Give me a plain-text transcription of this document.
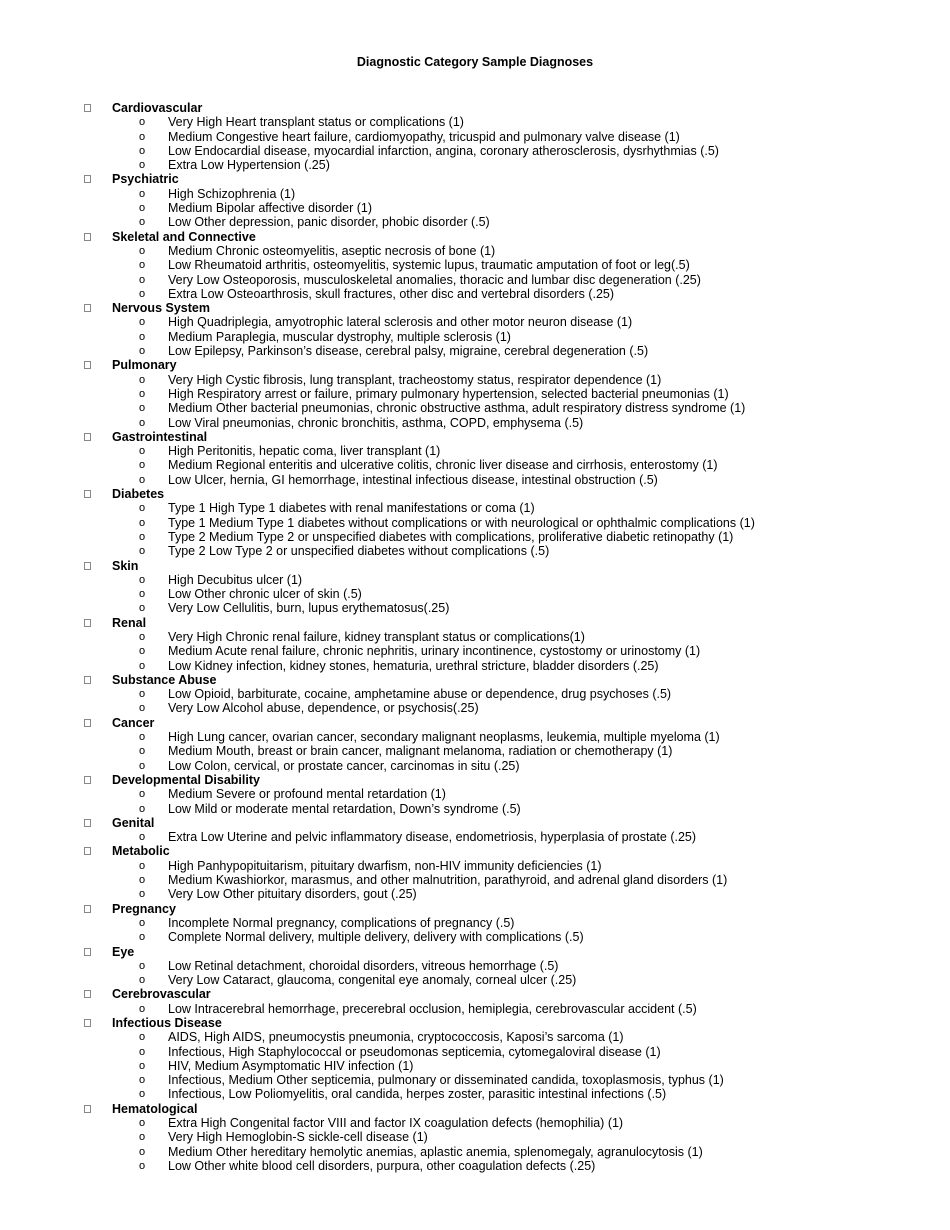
Diagnostic Category Sample Diagnoses
Cardiovascular
o Very High Heart transplant status or complications (1)
o Medium Congestive heart failure, cardiomyopathy, tricuspid and pulmonary valve disease (1)
o Low Endocardial disease, myocardial infarction, angina, coronary atherosclerosis, dysrhythmias (.5)
o Extra Low Hypertension (.25)
Psychiatric
o High Schizophrenia (1)
o Medium Bipolar affective disorder (1)
o Low Other depression, panic disorder, phobic disorder (.5)
Skeletal and Connective
o Medium Chronic osteomyelitis, aseptic necrosis of bone (1)
o Low Rheumatoid arthritis, osteomyelitis, systemic lupus, traumatic amputation of foot or leg(.5)
o Very Low Osteoporosis, musculoskeletal anomalies, thoracic and lumbar disc degeneration (.25)
o Extra Low Osteoarthrosis, skull fractures, other disc and vertebral disorders (.25)
Nervous System
o High Quadriplegia, amyotrophic lateral sclerosis and other motor neuron disease (1)
o Medium Paraplegia, muscular dystrophy, multiple sclerosis (1)
o Low Epilepsy, Parkinson’s disease, cerebral palsy, migraine, cerebral degeneration (.5)
Pulmonary
o Very High Cystic fibrosis, lung transplant, tracheostomy status, respirator dependence (1)
o High Respiratory arrest or failure, primary pulmonary hypertension, selected bacterial pneumonias (1)
o Medium Other bacterial pneumonias, chronic obstructive asthma, adult respiratory distress syndrome (1)
o Low Viral pneumonias, chronic bronchitis, asthma, COPD, emphysema (.5)
Gastrointestinal
o High Peritonitis, hepatic coma, liver transplant (1)
o Medium Regional enteritis and ulcerative colitis, chronic liver disease and cirrhosis, enterostomy (1)
o Low Ulcer, hernia, GI hemorrhage, intestinal infectious disease, intestinal obstruction (.5)
Diabetes
o Type 1 High Type 1 diabetes with renal manifestations or coma (1)
o Type 1 Medium Type 1 diabetes without complications or with neurological or ophthalmic complications (1)
o Type 2 Medium Type 2 or unspecified diabetes with complications, proliferative diabetic retinopathy (1)
o Type 2 Low Type 2 or unspecified diabetes without complications (.5)
Skin
o High Decubitus ulcer (1)
o Low Other chronic ulcer of skin (.5)
o Very Low Cellulitis, burn, lupus erythematosus(.25)
Renal
o Very High Chronic renal failure, kidney transplant status or complications(1)
o Medium Acute renal failure, chronic nephritis, urinary incontinence, cystostomy or urinostomy (1)
o Low Kidney infection, kidney stones, hematuria, urethral stricture, bladder disorders (.25)
Substance Abuse
o Low Opioid, barbiturate, cocaine, amphetamine abuse or dependence, drug psychoses (.5)
o Very Low Alcohol abuse, dependence, or psychosis(.25)
Cancer
o High Lung cancer, ovarian cancer, secondary malignant neoplasms, leukemia, multiple myeloma (1)
o Medium Mouth, breast or brain cancer, malignant melanoma, radiation or chemotherapy (1)
o Low Colon, cervical, or prostate cancer, carcinomas in situ (.25)
Developmental Disability
o Medium Severe or profound mental retardation (1)
o Low Mild or moderate mental retardation, Down’s syndrome (.5)
Genital
o Extra Low Uterine and pelvic inflammatory disease, endometriosis, hyperplasia of prostate (.25)
Metabolic
o High Panhypopituitarism, pituitary dwarfism, non-HIV immunity deficiencies (1)
o Medium Kwashiorkor, marasmus, and other malnutrition, parathyroid, and adrenal gland disorders (1)
o Very Low Other pituitary disorders, gout (.25)
Pregnancy
o Incomplete Normal pregnancy, complications of pregnancy (.5)
o Complete Normal delivery, multiple delivery, delivery with complications (.5)
Eye
o Low Retinal detachment, choroidal disorders, vitreous hemorrhage (.5)
o Very Low Cataract, glaucoma, congenital eye anomaly, corneal ulcer (.25)
Cerebrovascular
o Low Intracerebral hemorrhage, precerebral occlusion, hemiplegia, cerebrovascular accident (.5)
Infectious Disease
o AIDS, High AIDS, pneumocystis pneumonia, cryptococcosis, Kaposi’s sarcoma (1)
o Infectious, High Staphylococcal or pseudomonas septicemia, cytomegaloviral disease (1)
o HIV, Medium Asymptomatic HIV infection (1)
o Infectious, Medium Other septicemia, pulmonary or disseminated candida, toxoplasmosis, typhus (1)
o Infectious, Low Poliomyelitis, oral candida, herpes zoster, parasitic intestinal infections (.5)
Hematological
o Extra High Congenital factor VIII and factor IX coagulation defects (hemophilia) (1)
o Very High Hemoglobin-S sickle-cell disease (1)
o Medium Other hereditary hemolytic anemias, aplastic anemia, splenomegaly, agranulocytosis (1)
o Low Other white blood cell disorders, purpura, other coagulation defects (.25)
